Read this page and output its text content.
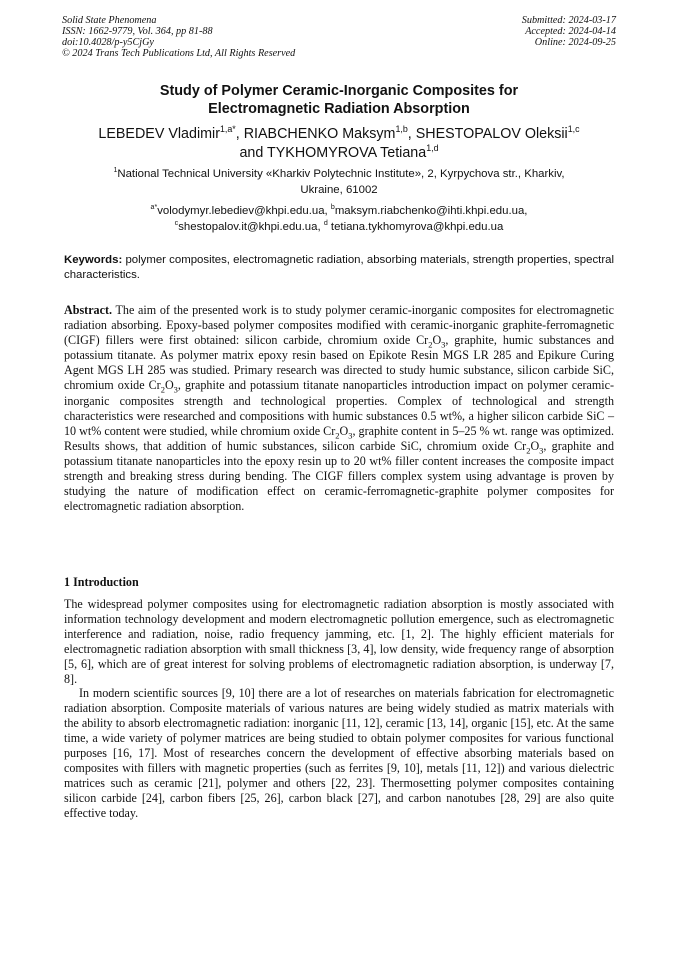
Solid State Phenomena
ISSN: 1662-9779, Vol. 364, pp 81-88
doi:10.4028/p-y5CjGy
© 2024 Trans Tech Publications Ltd, All Rights Reserved
Submitted: 2024-03-17
Accepted: 2024-04-14
Online: 2024-09-25
Study of Polymer Ceramic-Inorganic Composites for
Electromagnetic Radiation Absorption
LEBEDEV Vladimir$^{1,a*}$, RIABCHENKO Maksym$^{1,b}$, SHESTOPALOV Oleksii$^{1,c}$
and TYKHOMYROVA Tetiana$^{1,d}$
$^1$National Technical University «Kharkiv Polytechnic Institute», 2, Kyrpychova str., Kharkiv,
Ukraine, 61002
$^{a*}$volodymyr.lebediev@khpi.edu.ua, $^b$maksym.riabchenko@ihti.khpi.edu.ua,
$^c$shestopalov.it@khpi.edu.ua, $^d$ tetiana.tykhomyrova@khpi.edu.ua
Keywords: polymer composites, electromagnetic radiation, absorbing materials, strength properties, spectral characteristics.
Abstract. The aim of the presented work is to study polymer ceramic-inorganic composites for electromagnetic radiation absorbing. Epoxy-based polymer composites modified with ceramic-inorganic graphite-ferromagnetic (CIGF) fillers were first obtained: silicon carbide, chromium oxide $Cr_2O_3$, graphite, humic substances and potassium titanate. As polymer matrix epoxy resin based on Epikote Resin MGS LR 285 and Epikure Curing Agent MGS LH 285 was studied. Primary research was directed to study humic substance, silicon carbide SiC, chromium oxide $Cr_2O_3$, graphite and potassium titanate nanoparticles introduction impact on polymer ceramic-inorganic composites strength and technological properties. Complex of technological and strength characteristics were researched and compositions with humic substances 0.5 wt%, a higher silicon carbide SiC – 10 wt% content were studied, while chromium oxide $Cr_2O_3$, graphite content in 5–25 % wt. range was optimized. Results shows, that addition of humic substances, silicon carbide SiC, chromium oxide $Cr_2O_3$, graphite and potassium titanate nanoparticles into the epoxy resin up to 20 wt% filler content increases the composite impact strength and breaking stress during bending. The CIGF fillers complex system using advantage is proven by studying the nature of modification effect on ceramic-ferromagnetic-graphite polymer composites for electromagnetic radiation absorption.
1 Introduction

The widespread polymer composites using for electromagnetic radiation absorption is mostly associated with information technology development and modern electromagnetic pollution emergence, such as electromagnetic interference and radiation, noise, radio frequency jamming, etc. [1, 2]. The highly efficient materials for electromagnetic radiation absorption with small thickness [3, 4], low density, wide frequency range of absorption [5, 6], which are of great interest for solving problems of electromagnetic radiation absorption, is underway [7, 8].

In modern scientific sources [9, 10] there are a lot of researches on materials fabrication for electromagnetic radiation absorption. Composite materials of various natures are being widely studied as matrix materials with the ability to absorb electromagnetic radiation: inorganic [11, 12], ceramic [13, 14], organic [15], etc. At the same time, a wide variety of polymer matrices are being studied to obtain polymer composites for various functional purposes [16, 17]. Most of researches concern the development of effective absorbing materials based on composites with fillers with magnetic properties (such as ferrites [9, 10], metals [11, 12]) and various dielectric matrices such as ceramic [21], polymer and others [22, 23]. Thermosetting polymer composites containing silicon carbide [24], carbon fibers [25, 26], carbon black [27], and carbon nanotubes [28, 29] are also quite effective today.
